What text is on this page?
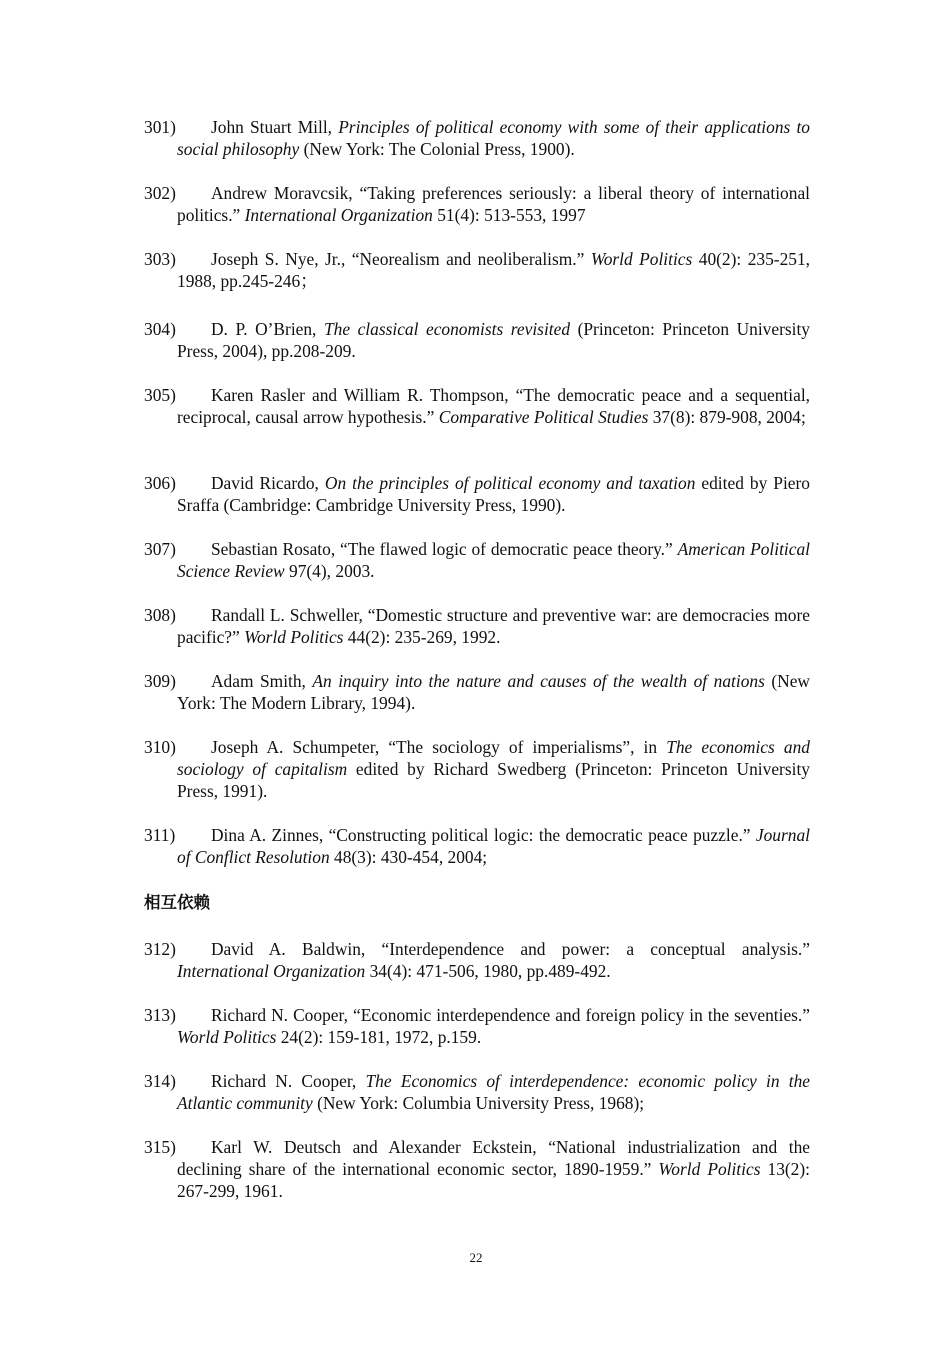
301) John Stuart Mill, Principles of political economy with some of their applications to social philosophy (New York: The Colonial Press, 1900).
302) Andrew Moravcsik, “Taking preferences seriously: a liberal theory of international politics.” International Organization 51(4): 513-553, 1997
303) Joseph S. Nye, Jr., “Neorealism and neoliberalism.” World Politics 40(2): 235-251, 1988, pp.245-246；
304) D. P. O’Brien, The classical economists revisited (Princeton: Princeton University Press, 2004), pp.208-209.
305) Karen Rasler and William R. Thompson, “The democratic peace and a sequential, reciprocal, causal arrow hypothesis.” Comparative Political Studies 37(8): 879-908, 2004;
306) David Ricardo, On the principles of political economy and taxation edited by Piero Sraffa (Cambridge: Cambridge University Press, 1990).
307) Sebastian Rosato, “The flawed logic of democratic peace theory.” American Political Science Review 97(4), 2003.
308) Randall L. Schweller, “Domestic structure and preventive war: are democracies more pacific?” World Politics 44(2): 235-269, 1992.
309) Adam Smith, An inquiry into the nature and causes of the wealth of nations (New York: The Modern Library, 1994).
310) Joseph A. Schumpeter, “The sociology of imperialisms”, in The economics and sociology of capitalism edited by Richard Swedberg (Princeton: Princeton University Press, 1991).
311) Dina A. Zinnes, “Constructing political logic: the democratic peace puzzle.” Journal of Conflict Resolution 48(3): 430-454, 2004;
312) David A. Baldwin, “Interdependence and power: a conceptual analysis.” International Organization 34(4): 471-506, 1980, pp.489-492.
313) Richard N. Cooper, “Economic interdependence and foreign policy in the seventies.” World Politics 24(2): 159-181, 1972, p.159.
314) Richard N. Cooper, The Economics of interdependence: economic policy in the Atlantic community (New York: Columbia University Press, 1968);
315) Karl W. Deutsch and Alexander Eckstein, “National industrialization and the declining share of the international economic sector, 1890-1959.” World Politics 13(2): 267-299, 1961.
相互依赖
22
